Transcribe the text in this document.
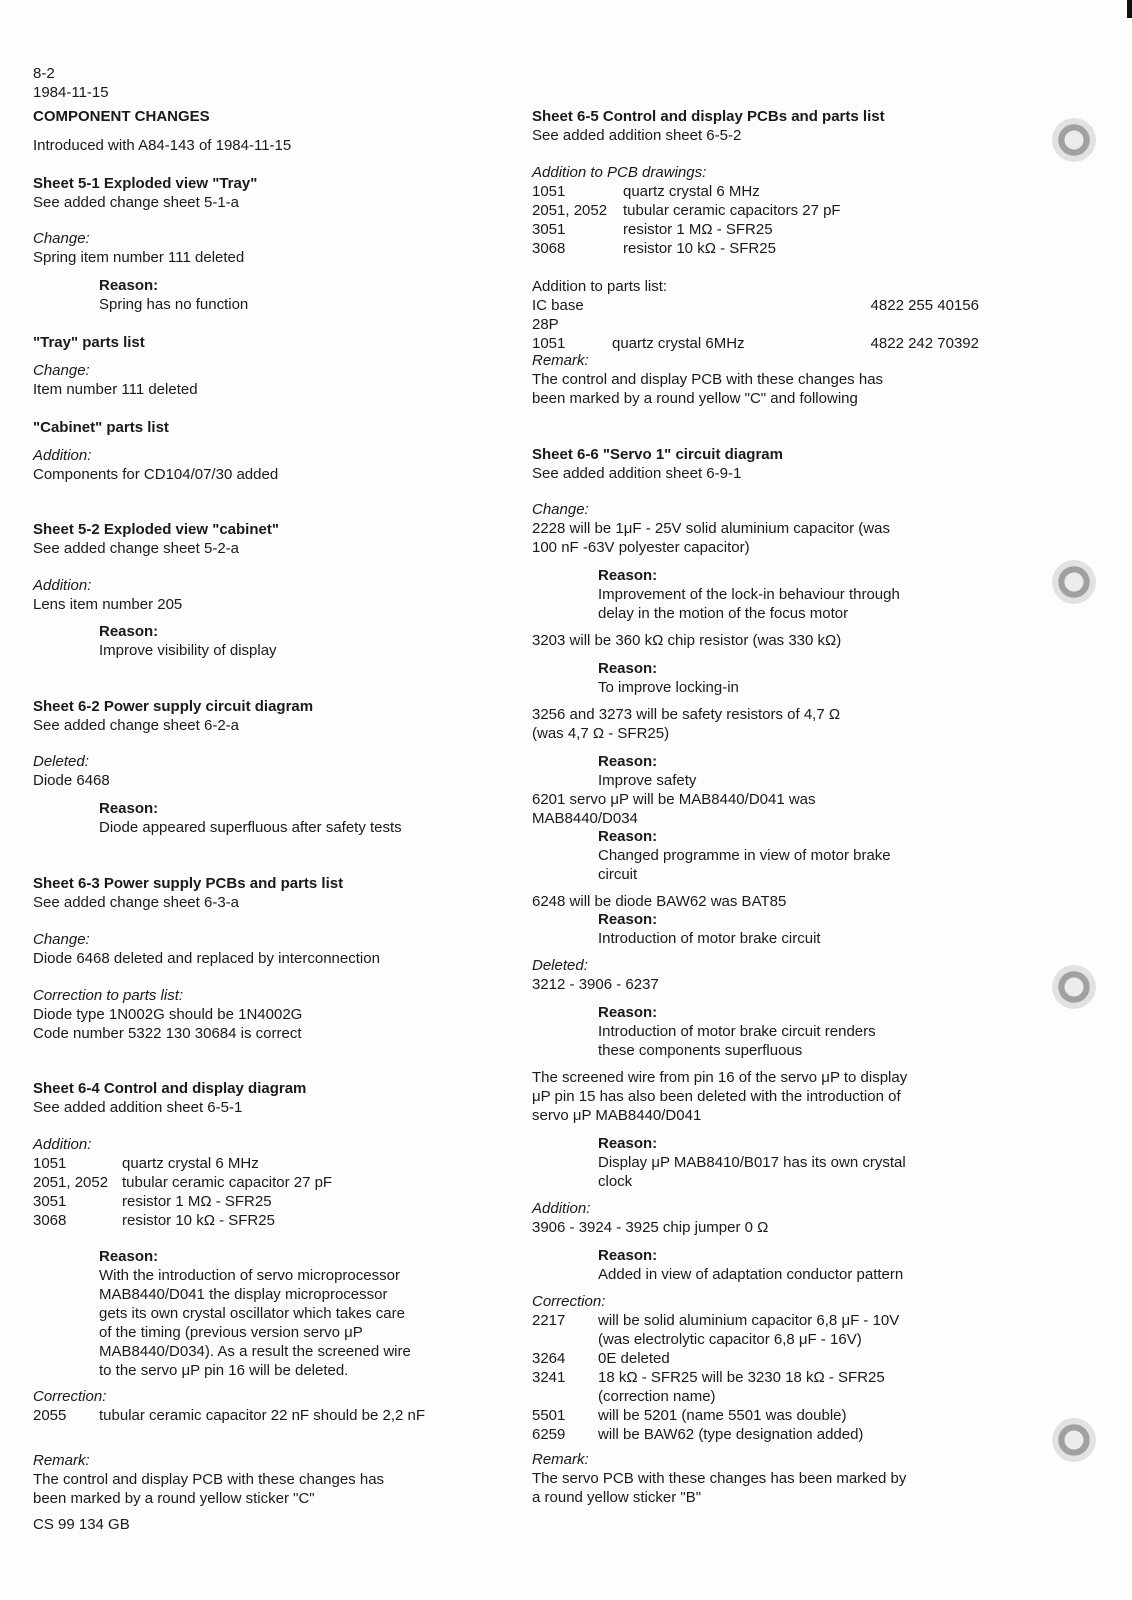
8-2
1984-11-15
COMPONENT CHANGES
Introduced with A84-143 of 1984-11-15
Sheet 5-1 Exploded view "Tray"
See added change sheet 5-1-a
Change:
Spring item number 111 deleted
Reason:
Spring has no function
"Tray" parts list
Change:
Item number 111 deleted
"Cabinet" parts list
Addition:
Components for CD104/07/30 added
Sheet 5-2 Exploded view "cabinet"
See added change sheet 5-2-a
Addition:
Lens item number 205
Reason:
Improve visibility of display
Sheet 6-2 Power supply circuit diagram
See added change sheet 6-2-a
Deleted:
Diode 6468
Reason:
Diode appeared superfluous after safety tests
Sheet 6-3 Power supply PCBs and parts list
See added change sheet 6-3-a
Change:
Diode 6468 deleted and replaced by interconnection
Correction to parts list:
Diode type 1N002G should be 1N4002G
Code number 5322 130 30684 is correct
Sheet 6-4 Control and display diagram
See added addition sheet 6-5-1
Addition:
1051	quartz crystal 6 MHz
2051, 2052	tubular ceramic capacitor 27 pF
3051	resistor 1 MΩ - SFR25
3068	resistor 10 kΩ - SFR25
Reason:
With the introduction of servo microprocessor
MAB8440/D041 the display microprocessor
gets its own crystal oscillator which takes care
of the timing (previous version servo μP
MAB8440/D034). As a result the screened wire
to the servo μP pin 16 will be deleted.
Correction:
2055 tubular ceramic capacitor 22 nF should be 2,2 nF
Remark:
The control and display PCB with these changes has
been marked by a round yellow sticker "C"
CS 99 134 GB
Sheet 6-5 Control and display PCBs and parts list
See added addition sheet 6-5-2
Addition to PCB drawings:
1051	quartz crystal 6 MHz
2051, 2052	tubular ceramic capacitors 27 pF
3051	resistor 1 MΩ - SFR25
3068	resistor 10 kΩ - SFR25
Addition to parts list:
IC base 28P		4822 255 40156
1051	quartz crystal 6MHz	4822 242 70392
Remark:
The control and display PCB with these changes has
been marked by a round yellow "C" and following
Sheet 6-6 "Servo 1" circuit diagram
See added addition sheet 6-9-1
Change:
2228 will be 1μF - 25V solid aluminium capacitor (was
100 nF -63V polyester capacitor)
Reason:
Improvement of the lock-in behaviour through
delay in the motion of the focus motor
3203 will be 360 kΩ chip resistor (was 330 kΩ)
Reason:
To improve locking-in
3256 and 3273 will be safety resistors of 4,7 Ω
(was 4,7 Ω - SFR25)
Reason:
Improve safety
6201 servo μP will be MAB8440/D041 was
MAB8440/D034
Reason:
Changed programme in view of motor brake
circuit
6248 will be diode BAW62 was BAT85
Reason:
Introduction of motor brake circuit
Deleted:
3212 - 3906 - 6237
Reason:
Introduction of motor brake circuit renders
these components superfluous
The screened wire from pin 16 of the servo μP to display
μP pin 15 has also been deleted with the introduction of
servo μP MAB8440/D041
Reason:
Display μP MAB8410/B017 has its own crystal
clock
Addition:
3906 - 3924 - 3925 chip jumper 0 Ω
Reason:
Added in view of adaptation conductor pattern
Correction:
2217	will be solid aluminium capacitor 6,8 μF - 10V
	(was electrolytic capacitor 6,8 μF - 16V)
3264	0E deleted
3241	18 kΩ - SFR25 will be 3230 18 kΩ - SFR25
	(correction name)
5501	will be 5201 (name 5501 was double)
6259	will be BAW62 (type designation added)
Remark:
The servo PCB with these changes has been marked by
a round yellow sticker "B"
